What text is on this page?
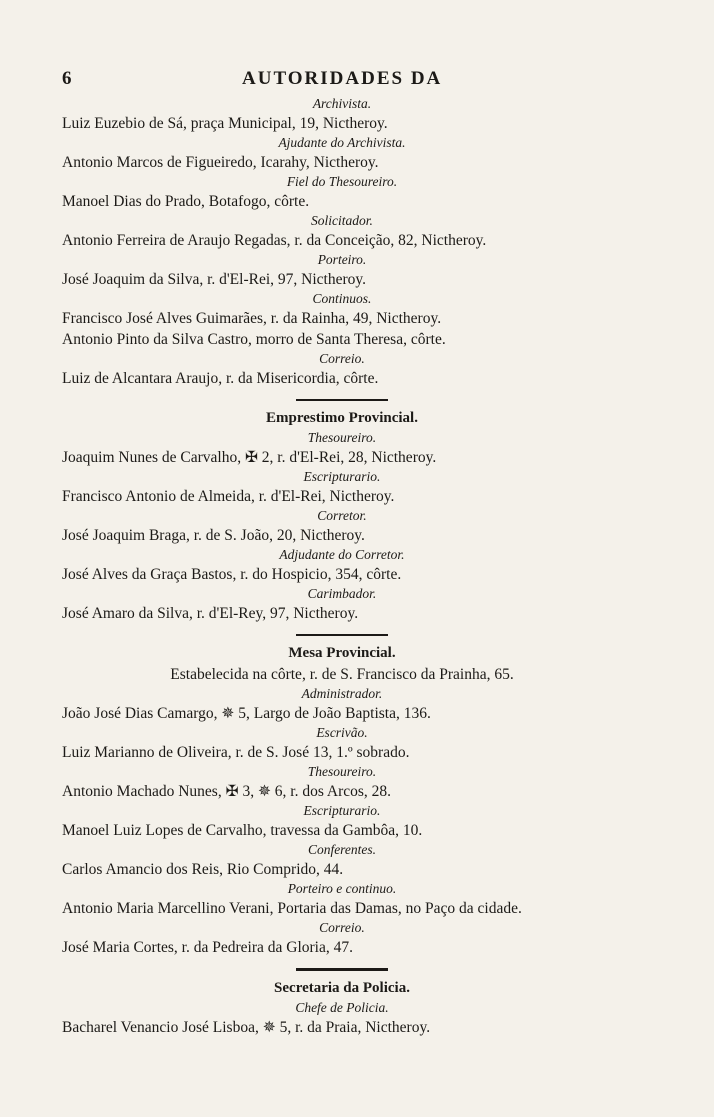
6	AUTORIDADES DA
Archivista.
Luiz Euzebio de Sá, praça Municipal, 19, Nictheroy.
Ajudante do Archivista.
Antonio Marcos de Figueiredo, Icarahy, Nictheroy.
Fiel do Thesoureiro.
Manoel Dias do Prado, Botafogo, côrte.
Solicitador.
Antonio Ferreira de Araujo Regadas, r. da Conceição, 82, Nictheroy.
Porteiro.
José Joaquim da Silva, r. d'El-Rei, 97, Nictheroy.
Continuos.
Francisco José Alves Guimarães, r. da Rainha, 49, Nictheroy.
Antonio Pinto da Silva Castro, morro de Santa Theresa, côrte.
Correio.
Luiz de Alcantara Araujo, r. da Misericordia, côrte.
Emprestimo Provincial.
Thesoureiro.
Joaquim Nunes de Carvalho, ✠ 2, r. d'El-Rei, 28, Nictheroy.
Escripturario.
Francisco Antonio de Almeida, r. d'El-Rei, Nictheroy.
Corretor.
José Joaquim Braga, r. de S. João, 20, Nictheroy.
Adjudante do Corretor.
José Alves da Graça Bastos, r. do Hospicio, 354, côrte.
Carimbador.
José Amaro da Silva, r. d'El-Rey, 97, Nictheroy.
Mesa Provincial.
Estabelecida na côrte, r. de S. Francisco da Prainha, 65.
Administrador.
João José Dias Camargo, ✵ 5, Largo de João Baptista, 136.
Escrivão.
Luiz Marianno de Oliveira, r. de S. José 13, 1.º sobrado.
Thesoureiro.
Antonio Machado Nunes, ✠ 3, ✵ 6, r. dos Arcos, 28.
Escripturario.
Manoel Luiz Lopes de Carvalho, travessa da Gambôa, 10.
Conferentes.
Carlos Amancio dos Reis, Rio Comprido, 44.
Porteiro e continuo.
Antonio Maria Marcellino Verani, Portaria das Damas, no Paço da cidade.
Correio.
José Maria Cortes, r. da Pedreira da Gloria, 47.
Secretaria da Policia.
Chefe de Policia.
Bacharel Venancio José Lisboa, ✵ 5, r. da Praia, Nictheroy.
